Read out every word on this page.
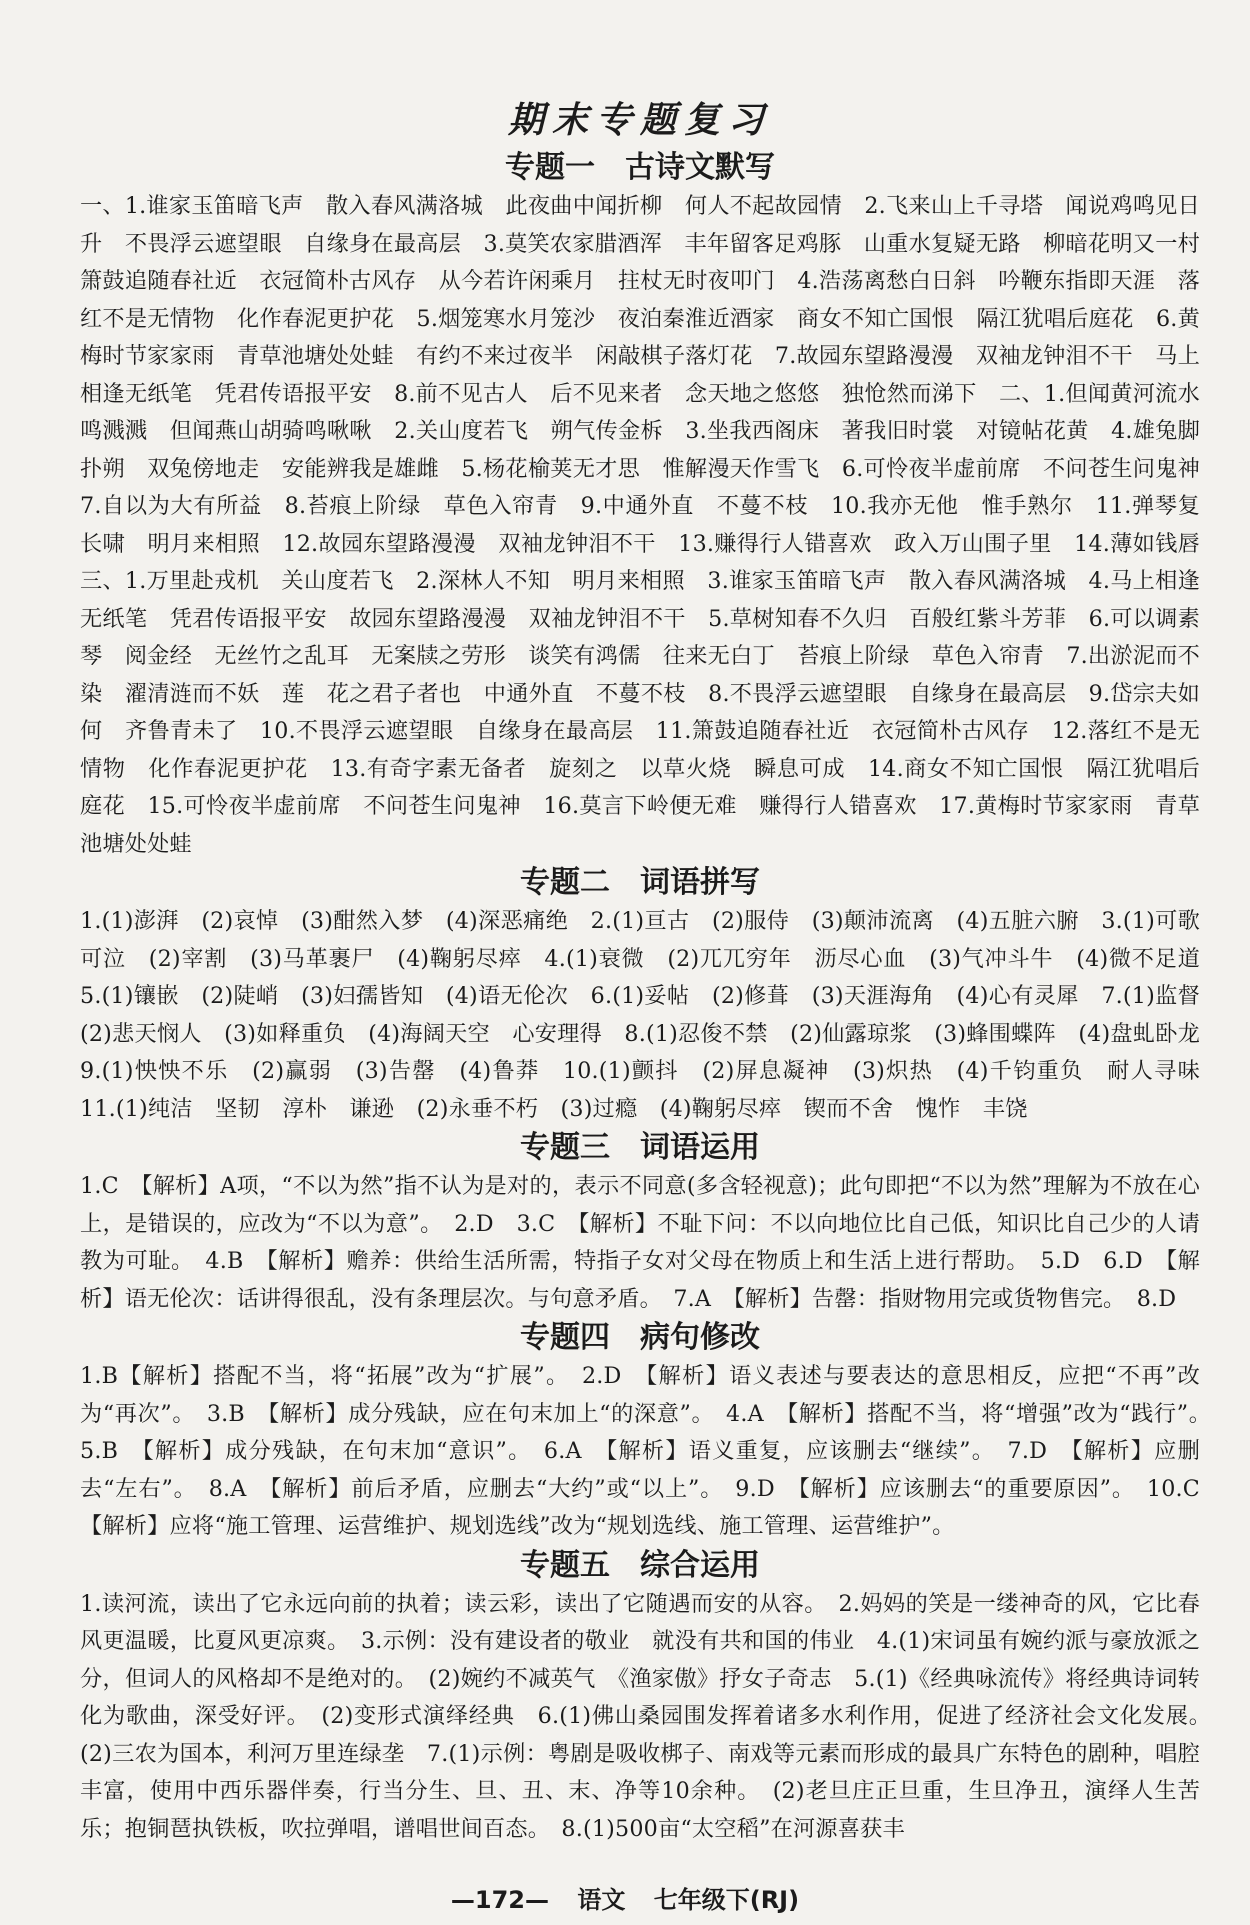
期末专题复习
专题一　古诗文默写
一、1.谁家玉笛暗飞声　散入春风满洛城　此夜曲中闻折柳　何人不起故园情　2.飞来山上千寻塔　闻说鸡鸣见日升　不畏浮云遮望眼　自缘身在最高层　3.莫笑农家腊酒浑　丰年留客足鸡豚　山重水复疑无路　柳暗花明又一村　箫鼓追随春社近　衣冠简朴古风存　从今若许闲乘月　拄杖无时夜叩门　4.浩荡离愁白日斜　吟鞭东指即天涯　落红不是无情物　化作春泥更护花　5.烟笼寒水月笼沙　夜泊秦淮近酒家　商女不知亡国恨　隔江犹唱后庭花　6.黄梅时节家家雨　青草池塘处处蛙　有约不来过夜半　闲敲棋子落灯花　7.故园东望路漫漫　双袖龙钟泪不干　马上相逢无纸笔　凭君传语报平安　8.前不见古人　后不见来者　念天地之悠悠　独怆然而涕下　二、1.但闻黄河流水鸣溅溅　但闻燕山胡骑鸣啾啾　2.关山度若飞　朔气传金柝　3.坐我西阁床　著我旧时裳　对镜帖花黄　4.雄兔脚扑朔　双兔傍地走　安能辨我是雄雌　5.杨花榆荚无才思　惟解漫天作雪飞　6.可怜夜半虚前席　不问苍生问鬼神　7.自以为大有所益　8.苔痕上阶绿　草色入帘青　9.中通外直　不蔓不枝　10.我亦无他　惟手熟尔　11.弹琴复长啸　明月来相照　12.故园东望路漫漫　双袖龙钟泪不干　13.赚得行人错喜欢　政入万山围子里　14.薄如钱唇　三、1.万里赴戎机　关山度若飞　2.深林人不知　明月来相照　3.谁家玉笛暗飞声　散入春风满洛城　4.马上相逢无纸笔　凭君传语报平安　故园东望路漫漫　双袖龙钟泪不干　5.草树知春不久归　百般红紫斗芳菲　6.可以调素琴　阅金经　无丝竹之乱耳　无案牍之劳形　谈笑有鸿儒　往来无白丁　苔痕上阶绿　草色入帘青　7.出淤泥而不染　濯清涟而不妖　莲　花之君子者也　中通外直　不蔓不枝　8.不畏浮云遮望眼　自缘身在最高层　9.岱宗夫如何　齐鲁青未了　10.不畏浮云遮望眼　自缘身在最高层　11.箫鼓追随春社近　衣冠简朴古风存　12.落红不是无情物　化作春泥更护花　13.有奇字素无备者　旋刻之　以草火烧　瞬息可成　14.商女不知亡国恨　隔江犹唱后庭花　15.可怜夜半虚前席　不问苍生问鬼神　16.莫言下岭便无难　赚得行人错喜欢　17.黄梅时节家家雨　青草池塘处处蛙
专题二　词语拼写
1.(1)澎湃　(2)哀悼　(3)酣然入梦　(4)深恶痛绝　2.(1)亘古　(2)服侍　(3)颠沛流离　(4)五脏六腑　3.(1)可歌可泣　(2)宰割　(3)马革裹尸　(4)鞠躬尽瘁　4.(1)衰微　(2)兀兀穷年　沥尽心血　(3)气冲斗牛　(4)微不足道　5.(1)镶嵌　(2)陡峭　(3)妇孺皆知　(4)语无伦次　6.(1)妥帖　(2)修葺　(3)天涯海角　(4)心有灵犀　7.(1)监督　(2)悲天悯人　(3)如释重负　(4)海阔天空　心安理得　8.(1)忍俊不禁　(2)仙露琼浆　(3)蜂围蝶阵　(4)盘虬卧龙　9.(1)怏怏不乐　(2)赢弱　(3)告罄　(4)鲁莽　10.(1)颤抖　(2)屏息凝神　(3)炽热　(4)千钧重负　耐人寻味　11.(1)纯洁　坚韧　淳朴　谦逊　(2)永垂不朽　(3)过瘾　(4)鞠躬尽瘁　锲而不舍　愧怍　丰饶
专题三　词语运用
1.C　【解析】A项，“不以为然”指不认为是对的，表示不同意(多含轻视意)；此句即把“不以为然”理解为不放在心上，是错误的，应改为“不以为意”。　2.D　3.C　【解析】不耻下问：不以向地位比自己低，知识比自己少的人请教为可耻。　4.B　【解析】赡养：供给生活所需，特指子女对父母在物质上和生活上进行帮助。　5.D　6.D　【解析】语无伦次：话讲得很乱，没有条理层次。与句意矛盾。　7.A　【解析】告罄：指财物用完或货物售完。　8.D
专题四　病句修改
1.B【解析】搭配不当，将“拓展”改为“扩展”。　2.D　【解析】语义表述与要表达的意思相反，应把“不再”改为“再次”。　3.B　【解析】成分残缺，应在句末加上“的深意”。　4.A　【解析】搭配不当，将“增强”改为“践行”。　5.B　【解析】成分残缺，在句末加“意识”。　6.A　【解析】语义重复，应该删去“继续”。　7.D　【解析】应删去“左右”。　8.A　【解析】前后矛盾，应删去“大约”或“以上”。　9.D　【解析】应该删去“的重要原因”。　10.C　【解析】应将“施工管理、运营维护、规划选线”改为“规划选线、施工管理、运营维护”。
专题五　综合运用
1.读河流，读出了它永远向前的执着；读云彩，读出了它随遇而安的从容。　2.妈妈的笑是一缕神奇的风，它比春风更温暖，比夏风更凉爽。　3.示例：没有建设者的敬业　就没有共和国的伟业　4.(1)宋词虽有婉约派与豪放派之分，但词人的风格却不是绝对的。　(2)婉约不减英气　《渔家傲》抒女子奇志　5.(1)《经典咏流传》将经典诗词转化为歌曲，深受好评。　(2)变形式演绎经典　6.(1)佛山桑园围发挥着诸多水利作用，促进了经济社会文化发展。　(2)三农为国本，利河万里连绿垄　7.(1)示例：粤剧是吸收梆子、南戏等元素而形成的最具广东特色的剧种，唱腔丰富，使用中西乐器伴奏，行当分生、旦、丑、末、净等10余种。　(2)老旦庄正旦重，生旦净丑，演绎人生苦乐；抱铜琶执铁板，吹拉弹唱，谱唱世间百态。　8.(1)500亩“太空稻”在河源喜获丰
—172— 语文 七年级下(RJ)
